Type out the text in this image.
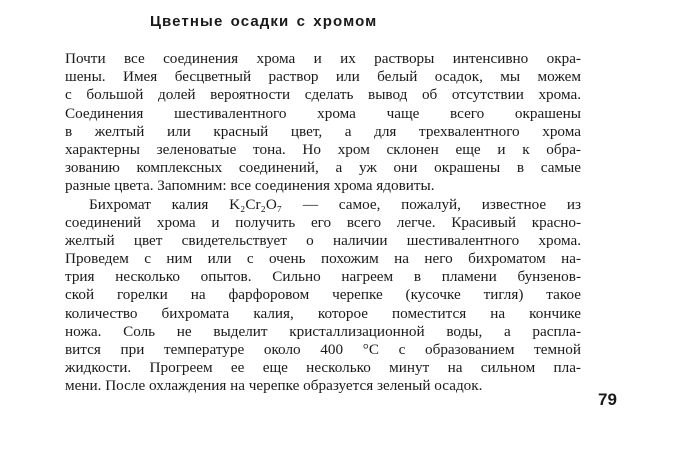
Цветные осадки с хромом
Почти все соединения хрома и их растворы интенсивно окра-
шены. Имея бесцветный раствор или белый осадок, мы можем
с большой долей вероятности сделать вывод об отсутствии хрома.
Соединения шестивалентного хрома чаще всего окрашены
в желтый или красный цвет, а для трехвалентного хрома
характерны зеленоватые тона. Но хром склонен еще и к обра-
зованию комплексных соединений, а уж они окрашены в самые
разные цвета. Запомним: все соединения хрома ядовиты.
Бихромат калия K₂Cr₂O₇ — самое, пожалуй, известное из
соединений хрома и получить его всего легче. Красивый красно-
желтый цвет свидетельствует о наличии шестивалентного хрома.
Проведем с ним или с очень похожим на него бихроматом на-
трия несколько опытов. Сильно нагреем в пламени бунзенов-
ской горелки на фарфоровом черепке (кусочке тигля) такое
количество бихромата калия, которое поместится на кончике
ножа. Соль не выделит кристаллизационной воды, а распла-
вится при температуре около 400 °С с образованием темной
жидкости. Прогреем ее еще несколько минут на сильном пла-
мени. После охлаждения на черепке образуется зеленый осадок.

79
